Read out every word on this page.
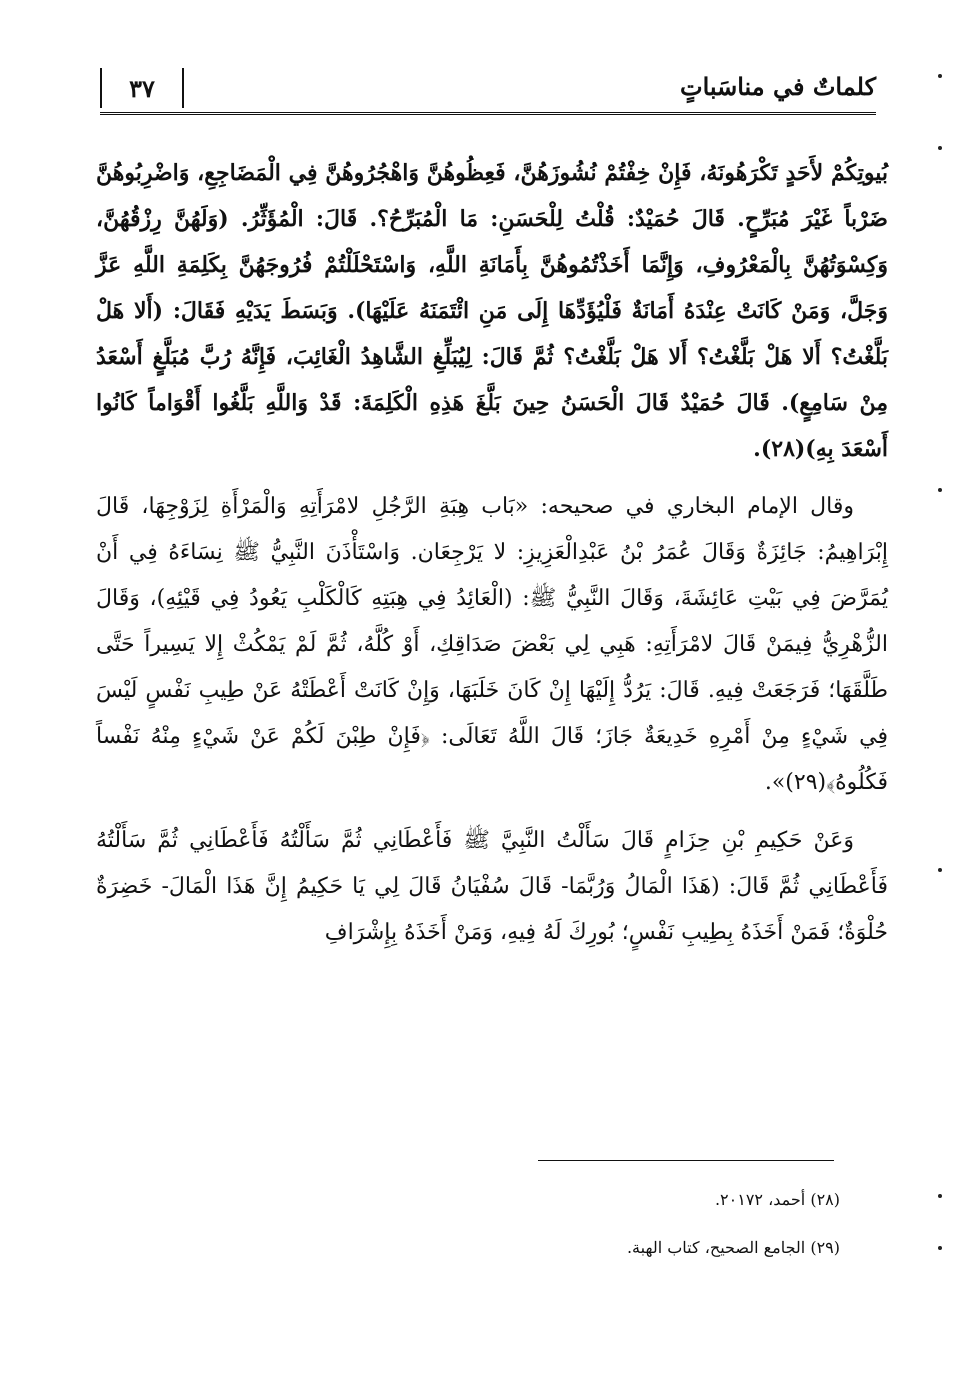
٣٧	كلماتٌ في مناسَباتٍ

بُيوتِكُمْ لأَحَدٍ تَكْرَهُونَهُ، فَإِنْ خِفْتُمْ نُشُوزَهُنَّ، فَعِظُوهُنَّ وَاهْجُرُوهُنَّ فِي الْمَضَاجِعِ، وَاضْرِبُوهُنَّ ضَرْباً غَيْرَ مُبَرِّحٍ. قَالَ حُمَيْدٌ: قُلْتُ لِلْحَسَنِ: مَا الْمُبَرِّحُ؟. قَالَ: الْمُؤَثِّرُ. (وَلَهُنَّ رِزْقُهُنَّ، وَكِسْوَتُهُنَّ بِالْمَعْرُوفِ، وَإِنَّمَا أَخَذْتُمُوهُنَّ بِأَمَانَةِ اللَّهِ، وَاسْتَحْلَلْتُمْ فُرُوجَهُنَّ بِكَلِمَةِ اللَّهِ عَزَّ وَجَلَّ، وَمَنْ كَانَتْ عِنْدَهُ أَمَانَةٌ فَلْيُؤَدِّهَا إِلَى مَنِ ائْتَمَنَهُ عَلَيْهَا). وَبَسَطَ يَدَيْهِ فَقَالَ: (أَلا هَلْ بَلَّغْتُ؟ أَلا هَلْ بَلَّغْتُ؟ أَلا هَلْ بَلَّغْتُ؟ ثُمَّ قَالَ: لِيُبَلِّغِ الشَّاهِدُ الْغَائِبَ، فَإِنَّهُ رُبَّ مُبَلَّغٍ أَسْعَدُ مِنْ سَامِعٍ). قَالَ حُمَيْدٌ قَالَ الْحَسَنُ حِينَ بَلَّغَ هَذِهِ الْكَلِمَةَ: قَدْ وَاللَّهِ بَلَّغُوا أَقْوَاماً كَانُوا أَسْعَدَ بِهِ)(٢٨).

وقال الإمام البخاري في صحيحه: «بَاب هِبَةِ الرَّجُلِ لامْرَأَتِهِ وَالْمَرْأَةِ لِزَوْجِهَا، قَالَ إِبْرَاهِيمُ: جَائِزَةٌ وَقَالَ عُمَرُ بْنُ عَبْدِالْعَزِيزِ: لا يَرْجِعَان. وَاسْتَأْذَنَ النَّبِيُّ ﷺ نِسَاءَهُ فِي أَنْ يُمَرَّضَ فِي بَيْتِ عَائِشَةَ، وَقَالَ النَّبِيُّ ﷺ: (الْعَائِدُ فِي هِبَتِهِ كَالْكَلْبِ يَعُودُ فِي قَيْئِهِ)، وَقَالَ الزُّهْرِيُّ فِيمَنْ قَالَ لامْرَأَتِهِ: هَبِي لِي بَعْضَ صَدَاقِكِ، أَوْ كُلَّهُ، ثُمَّ لَمْ يَمْكُثْ إِلا يَسِيراً حَتَّى طَلَّقَهَا؛ فَرَجَعَتْ فِيهِ. قَالَ: يَرُدُّ إِلَيْهَا إِنْ كَانَ خَلَبَهَا، وَإِنْ كَانَتْ أَعْطَتْهُ عَنْ طِيبِ نَفْسٍ لَيْسَ فِي شَيْءٍ مِنْ أَمْرِهِ خَدِيعَةٌ جَازَ؛ قَالَ اللَّهُ تَعَالَى: ﴿فَإِنْ طِبْنَ لَكُمْ عَنْ شَيْءٍ مِنْهُ نَفْساً فَكُلُوهُ﴾(٢٩)».

وَعَنْ حَكِيمِ بْنِ حِزَامٍ قَالَ سَأَلْتُ النَّبِيَّ ﷺ فَأَعْطَانِي ثُمَّ سَأَلْتُهُ فَأَعْطَانِي ثُمَّ سَأَلْتُهُ فَأَعْطَانِي ثُمَّ قَالَ: (هَذَا الْمَالُ وَرُبَّمَا- قَالَ سُفْيَانُ قَالَ لِي يَا حَكِيمُ إِنَّ هَذَا الْمَالَ- خَضِرَةٌ حُلْوَةٌ؛ فَمَنْ أَخَذَهُ بِطِيبِ نَفْسٍ؛ بُورِكَ لَهُ فِيهِ، وَمَنْ أَخَذَهُ بِإِشْرَافِ

(٢٨) أحمد، ٢٠١٧٢.
(٢٩) الجامع الصحيح، كتاب الهبة.
